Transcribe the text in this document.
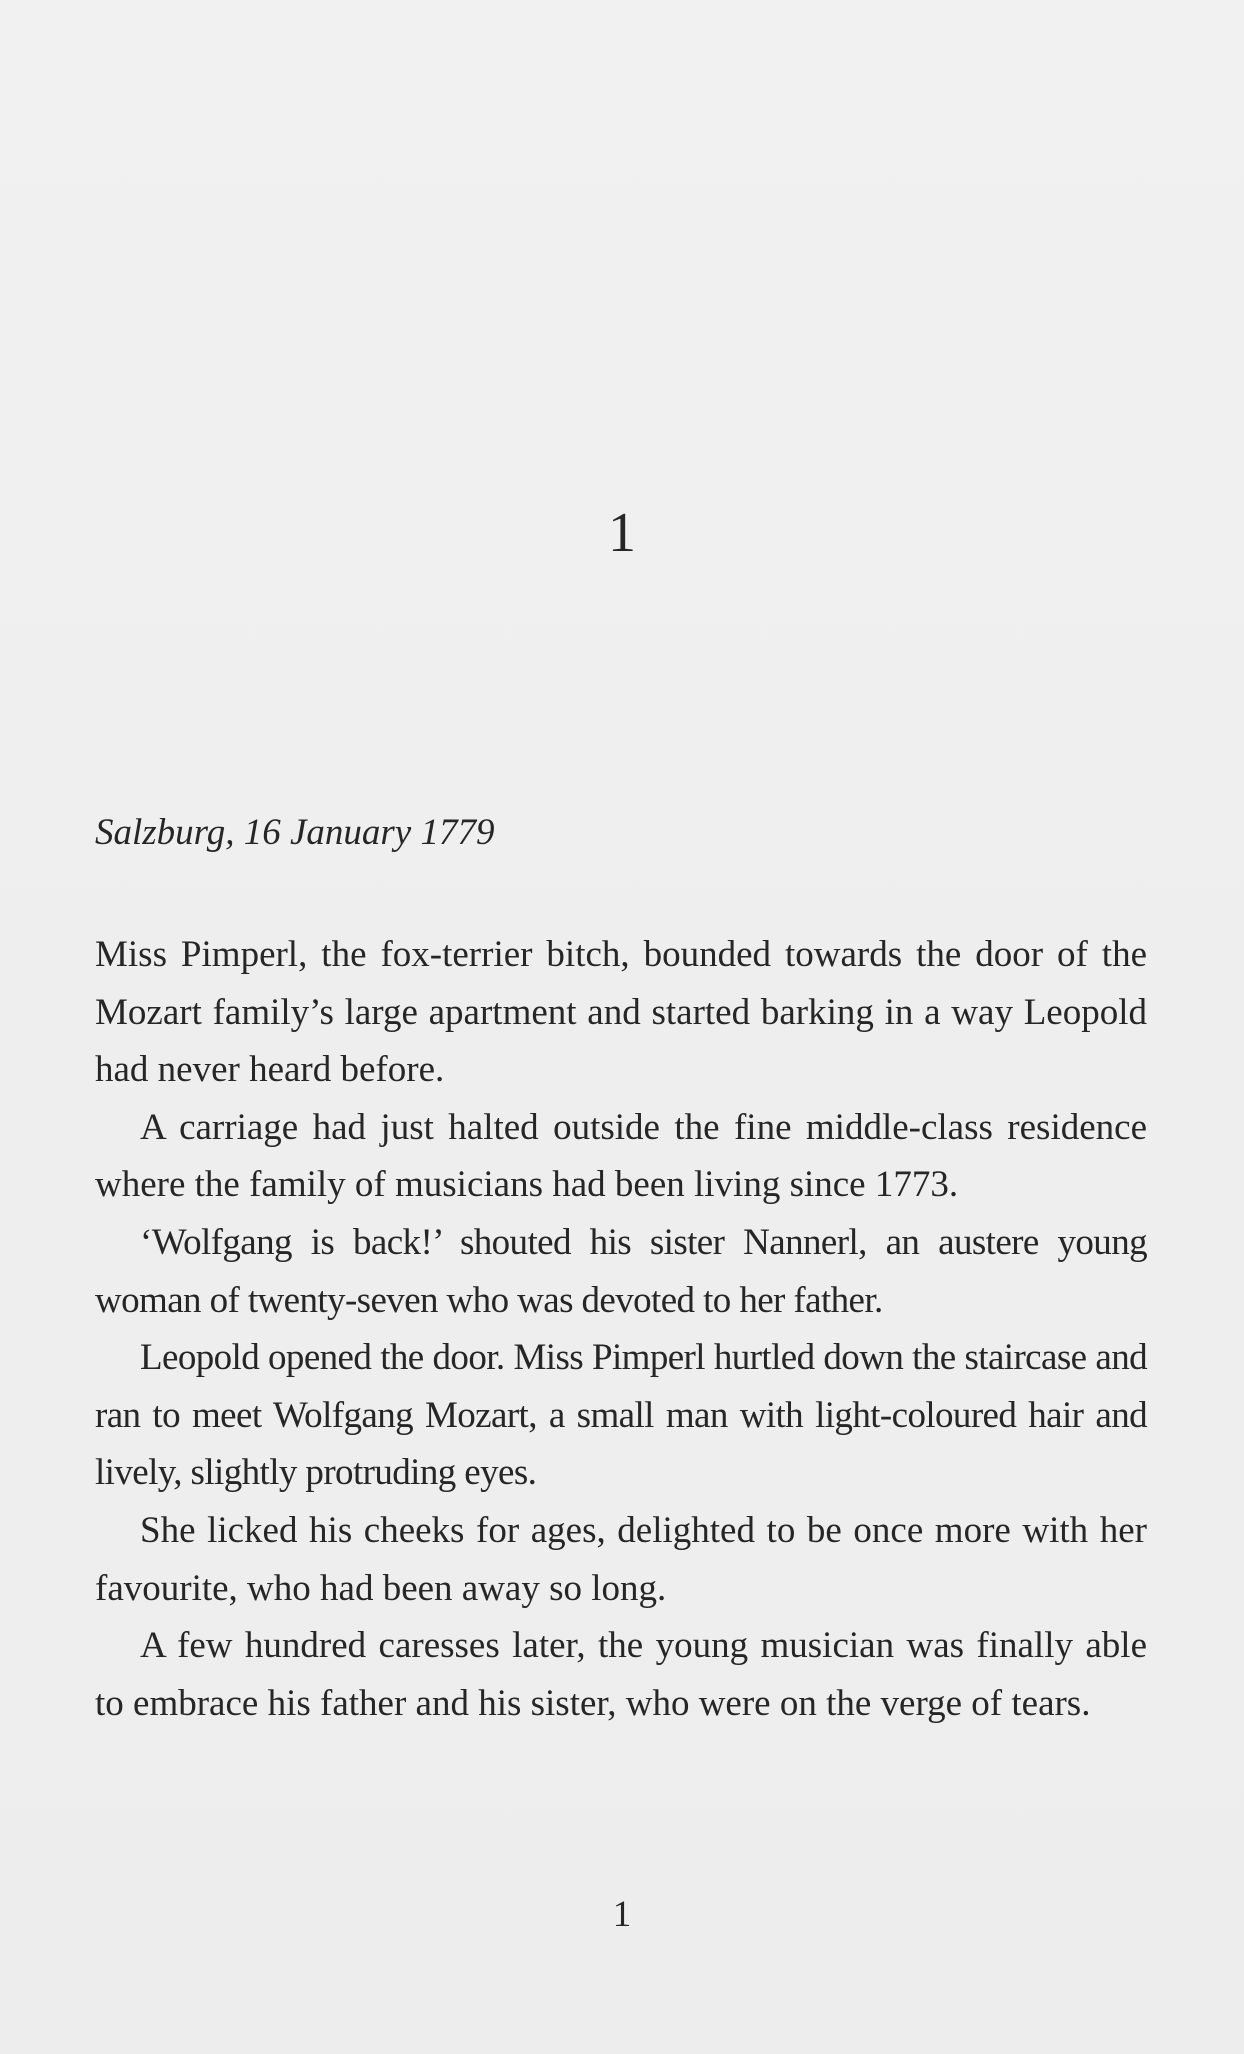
1
Salzburg, 16 January 1779

Miss Pimperl, the fox-terrier bitch, bounded towards the door of the Mozart family’s large apartment and started barking in a way Leopold had never heard before.

A carriage had just halted outside the fine middle-class residence where the family of musicians had been living since 1773.

‘Wolfgang is back!’ shouted his sister Nannerl, an austere young woman of twenty-seven who was devoted to her father.

Leopold opened the door. Miss Pimperl hurtled down the staircase and ran to meet Wolfgang Mozart, a small man with light-coloured hair and lively, slightly protruding eyes.

She licked his cheeks for ages, delighted to be once more with her favourite, who had been away so long.

A few hundred caresses later, the young musician was finally able to embrace his father and his sister, who were on the verge of tears.

1
